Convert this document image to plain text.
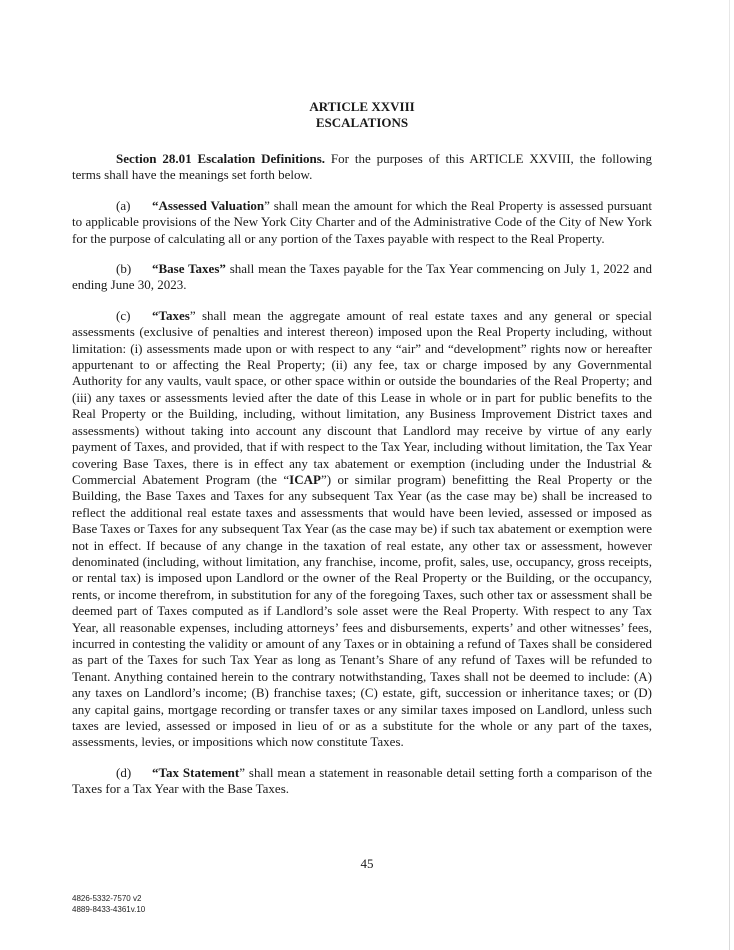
ARTICLE XXVIII
ESCALATIONS

Section 28.01 Escalation Definitions. For the purposes of this ARTICLE XXVIII, the following terms shall have the meanings set forth below.

(a) “Assessed Valuation” shall mean the amount for which the Real Property is assessed pursuant to applicable provisions of the New York City Charter and of the Administrative Code of the City of New York for the purpose of calculating all or any portion of the Taxes payable with respect to the Real Property.

(b) “Base Taxes” shall mean the Taxes payable for the Tax Year commencing on July 1, 2022 and ending June 30, 2023.

(c) “Taxes” shall mean the aggregate amount of real estate taxes and any general or special assessments (exclusive of penalties and interest thereon) imposed upon the Real Property including, without limitation: (i) assessments made upon or with respect to any “air” and “development” rights now or hereafter appurtenant to or affecting the Real Property; (ii) any fee, tax or charge imposed by any Governmental Authority for any vaults, vault space, or other space within or outside the boundaries of the Real Property; and (iii) any taxes or assessments levied after the date of this Lease in whole or in part for public benefits to the Real Property or the Building, including, without limitation, any Business Improvement District taxes and assessments) without taking into account any discount that Landlord may receive by virtue of any early payment of Taxes, and provided, that if with respect to the Tax Year, including without limitation, the Tax Year covering Base Taxes, there is in effect any tax abatement or exemption (including under the Industrial & Commercial Abatement Program (the “ICAP”) or similar program) benefitting the Real Property or the Building, the Base Taxes and Taxes for any subsequent Tax Year (as the case may be) shall be increased to reflect the additional real estate taxes and assessments that would have been levied, assessed or imposed as Base Taxes or Taxes for any subsequent Tax Year (as the case may be) if such tax abatement or exemption were not in effect. If because of any change in the taxation of real estate, any other tax or assessment, however denominated (including, without limitation, any franchise, income, profit, sales, use, occupancy, gross receipts, or rental tax) is imposed upon Landlord or the owner of the Real Property or the Building, or the occupancy, rents, or income therefrom, in substitution for any of the foregoing Taxes, such other tax or assessment shall be deemed part of Taxes computed as if Landlord’s sole asset were the Real Property. With respect to any Tax Year, all reasonable expenses, including attorneys’ fees and disbursements, experts’ and other witnesses’ fees, incurred in contesting the validity or amount of any Taxes or in obtaining a refund of Taxes shall be considered as part of the Taxes for such Tax Year as long as Tenant’s Share of any refund of Taxes will be refunded to Tenant. Anything contained herein to the contrary notwithstanding, Taxes shall not be deemed to include: (A) any taxes on Landlord’s income; (B) franchise taxes; (C) estate, gift, succession or inheritance taxes; or (D) any capital gains, mortgage recording or transfer taxes or any similar taxes imposed on Landlord, unless such taxes are levied, assessed or imposed in lieu of or as a substitute for the whole or any part of the taxes, assessments, levies, or impositions which now constitute Taxes.

(d) “Tax Statement” shall mean a statement in reasonable detail setting forth a comparison of the Taxes for a Tax Year with the Base Taxes.

45
4826-5332-7570 v2
4889-8433-4361v.10
